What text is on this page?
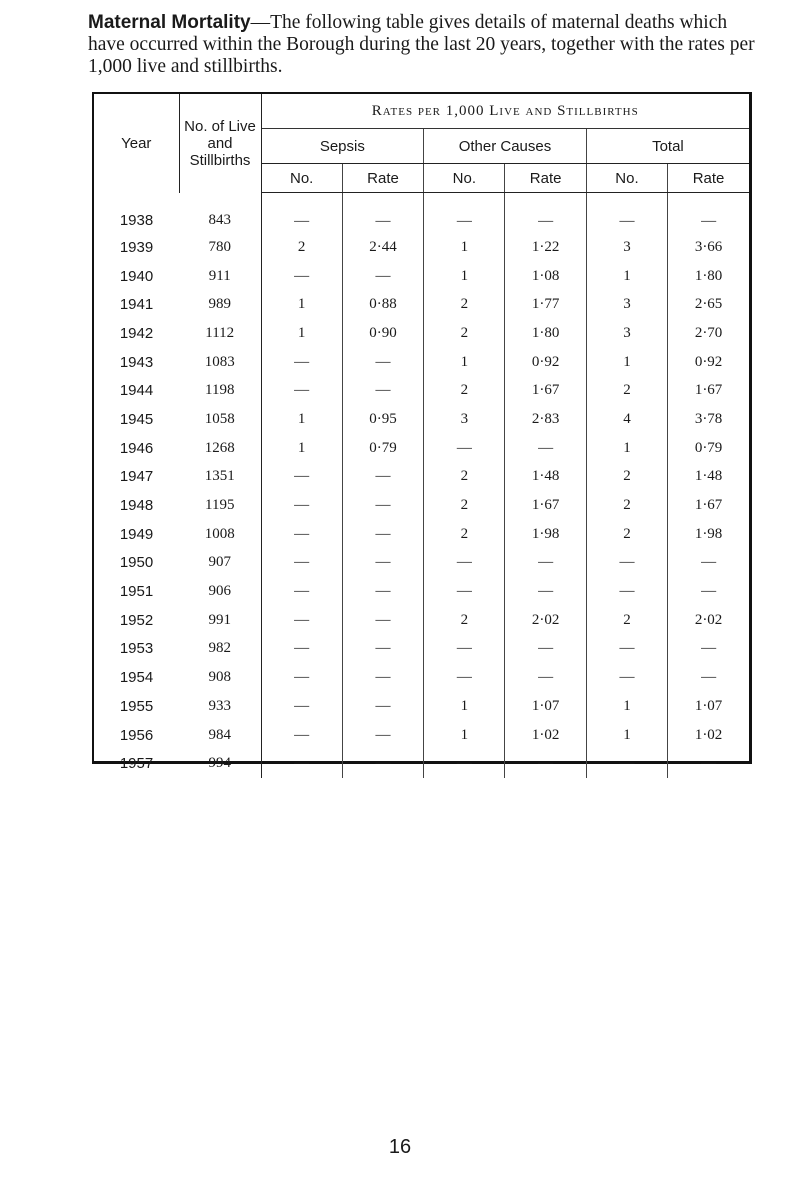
Maternal Mortality—The following table gives details of maternal deaths which have occurred within the Borough during the last 20 years, together with the rates per 1,000 live and stillbirths.
Year	No. of Live and Stillbirths	Rates per 1,000 Live and Stillbirths					
		Sepsis		Other Causes		Total	
		No.	Rate	No.	Rate	No.	Rate
1938	843	—	—	—	—	—	—
1939	780	2	2·44	1	1·22	3	3·66
1940	911	—	—	1	1·08	1	1·80
1941	989	1	0·88	2	1·77	3	2·65
1942	1112	1	0·90	2	1·80	3	2·70
1943	1083	—	—	1	0·92	1	0·92
1944	1198	—	—	2	1·67	2	1·67
1945	1058	1	0·95	3	2·83	4	3·78
1946	1268	1	0·79	—	—	1	0·79
1947	1351	—	—	2	1·48	2	1·48
1948	1195	—	—	2	1·67	2	1·67
1949	1008	—	—	2	1·98	2	1·98
1950	907	—	—	—	—	—	—
1951	906	—	—	—	—	—	—
1952	991	—	—	2	2·02	2	2·02
1953	982	—	—	—	—	—	—
1954	908	—	—	—	—	—	—
1955	933	—	—	1	1·07	1	1·07
1956	984	—	—	1	1·02	1	1·02
1957	994	—	—	—	—	—	—
16
